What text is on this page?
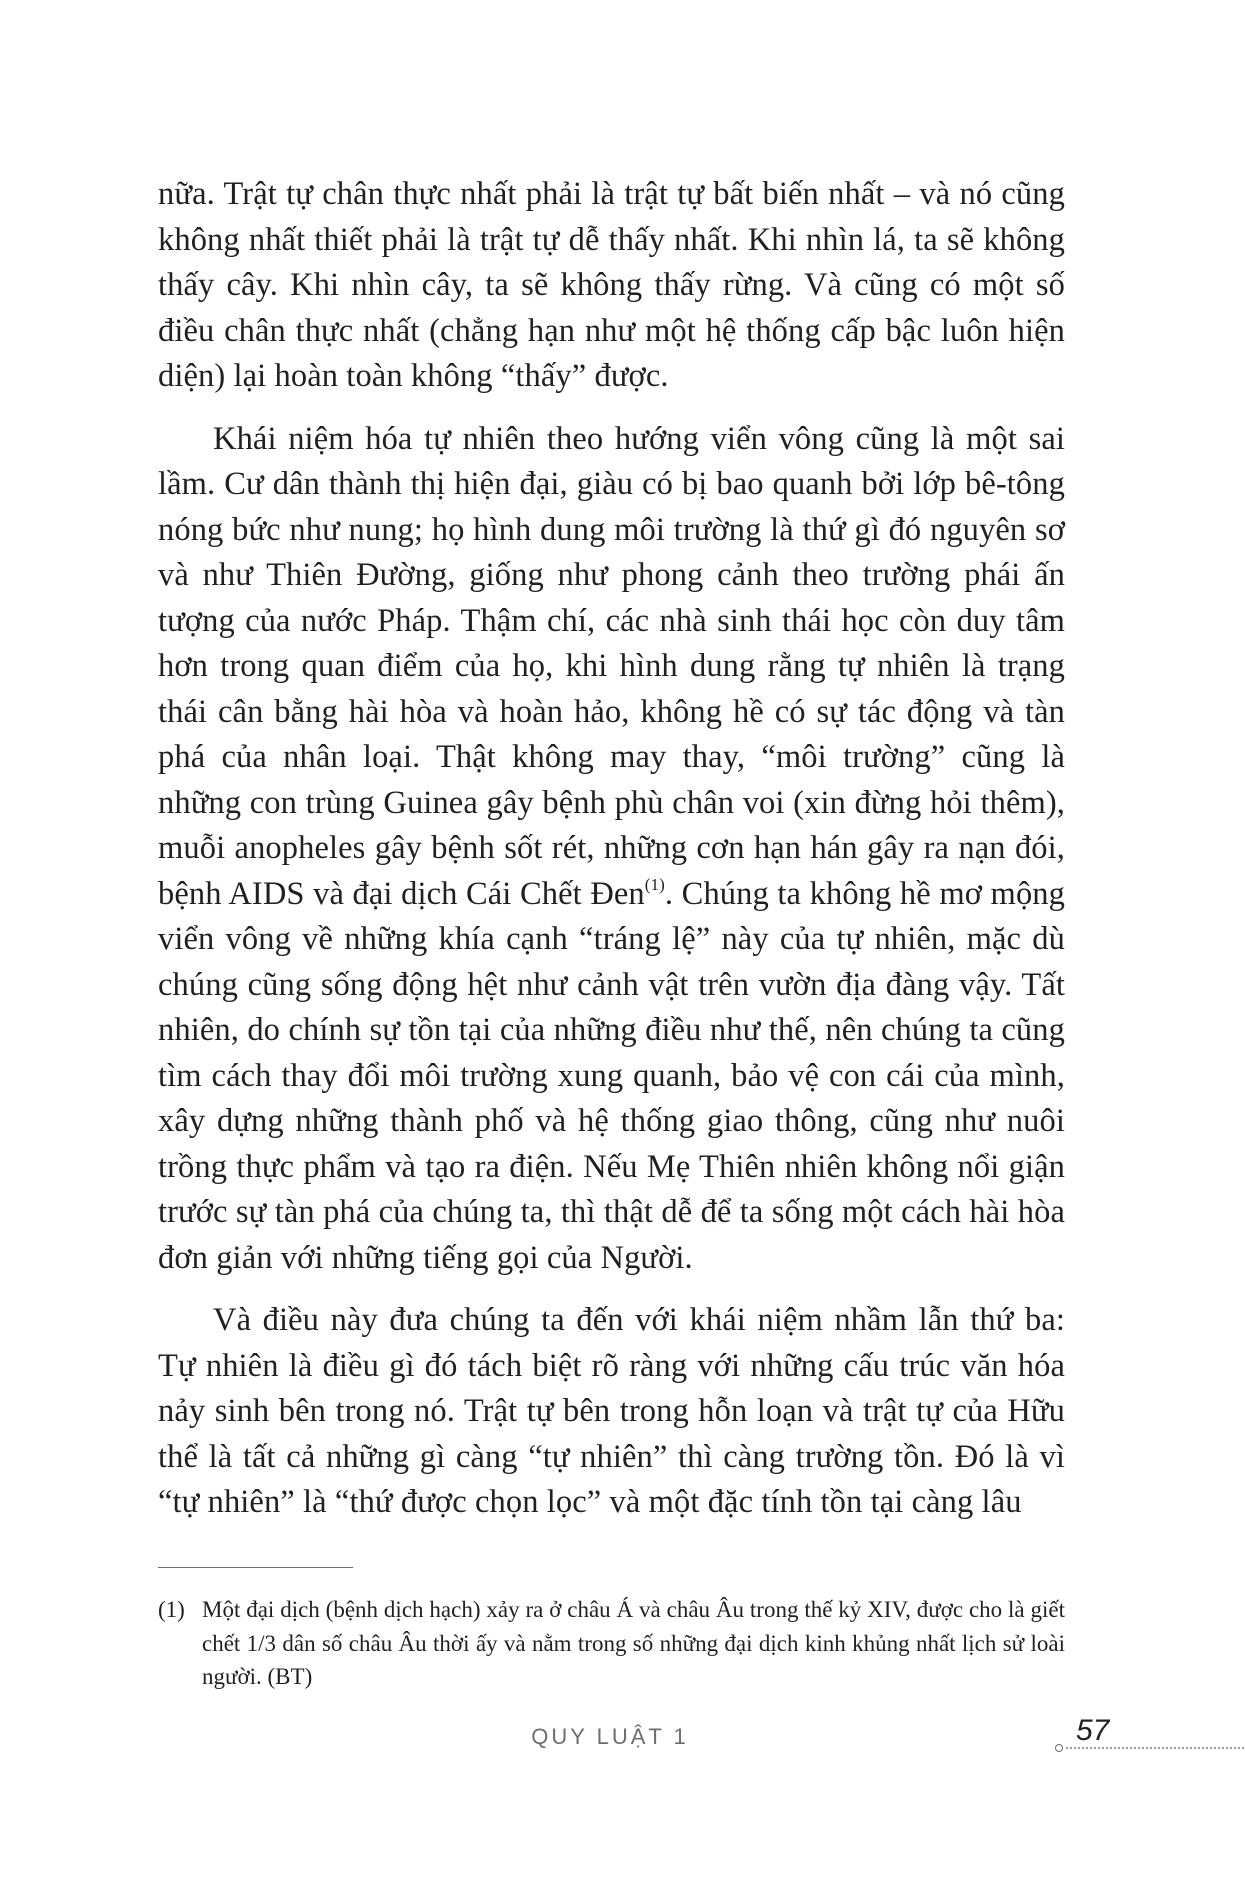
nữa. Trật tự chân thực nhất phải là trật tự bất biến nhất – và nó cũng không nhất thiết phải là trật tự dễ thấy nhất. Khi nhìn lá, ta sẽ không thấy cây. Khi nhìn cây, ta sẽ không thấy rừng. Và cũng có một số điều chân thực nhất (chẳng hạn như một hệ thống cấp bậc luôn hiện diện) lại hoàn toàn không “thấy” được.

Khái niệm hóa tự nhiên theo hướng viển vông cũng là một sai lầm. Cư dân thành thị hiện đại, giàu có bị bao quanh bởi lớp bê-tông nóng bức như nung; họ hình dung môi trường là thứ gì đó nguyên sơ và như Thiên Đường, giống như phong cảnh theo trường phái ấn tượng của nước Pháp. Thậm chí, các nhà sinh thái học còn duy tâm hơn trong quan điểm của họ, khi hình dung rằng tự nhiên là trạng thái cân bằng hài hòa và hoàn hảo, không hề có sự tác động và tàn phá của nhân loại. Thật không may thay, “môi trường” cũng là những con trùng Guinea gây bệnh phù chân voi (xin đừng hỏi thêm), muỗi anopheles gây bệnh sốt rét, những cơn hạn hán gây ra nạn đói, bệnh AIDS và đại dịch Cái Chết Đen$^{(1)}$. Chúng ta không hề mơ mộng viển vông về những khía cạnh “tráng lệ” này của tự nhiên, mặc dù chúng cũng sống động hệt như cảnh vật trên vườn địa đàng vậy. Tất nhiên, do chính sự tồn tại của những điều như thế, nên chúng ta cũng tìm cách thay đổi môi trường xung quanh, bảo vệ con cái của mình, xây dựng những thành phố và hệ thống giao thông, cũng như nuôi trồng thực phẩm và tạo ra điện. Nếu Mẹ Thiên nhiên không nổi giận trước sự tàn phá của chúng ta, thì thật dễ để ta sống một cách hài hòa đơn giản với những tiếng gọi của Người.

Và điều này đưa chúng ta đến với khái niệm nhầm lẫn thứ ba: Tự nhiên là điều gì đó tách biệt rõ ràng với những cấu trúc văn hóa nảy sinh bên trong nó. Trật tự bên trong hỗn loạn và trật tự của Hữu thể là tất cả những gì càng “tự nhiên” thì càng trường tồn. Đó là vì “tự nhiên” là “thứ được chọn lọc” và một đặc tính tồn tại càng lâu

(1) Một đại dịch (bệnh dịch hạch) xảy ra ở châu Á và châu Âu trong thế kỷ XIV, được cho là giết chết 1/3 dân số châu Âu thời ấy và nằm trong số những đại dịch kinh khủng nhất lịch sử loài người. (BT)
QUY LUẬT 1	57
